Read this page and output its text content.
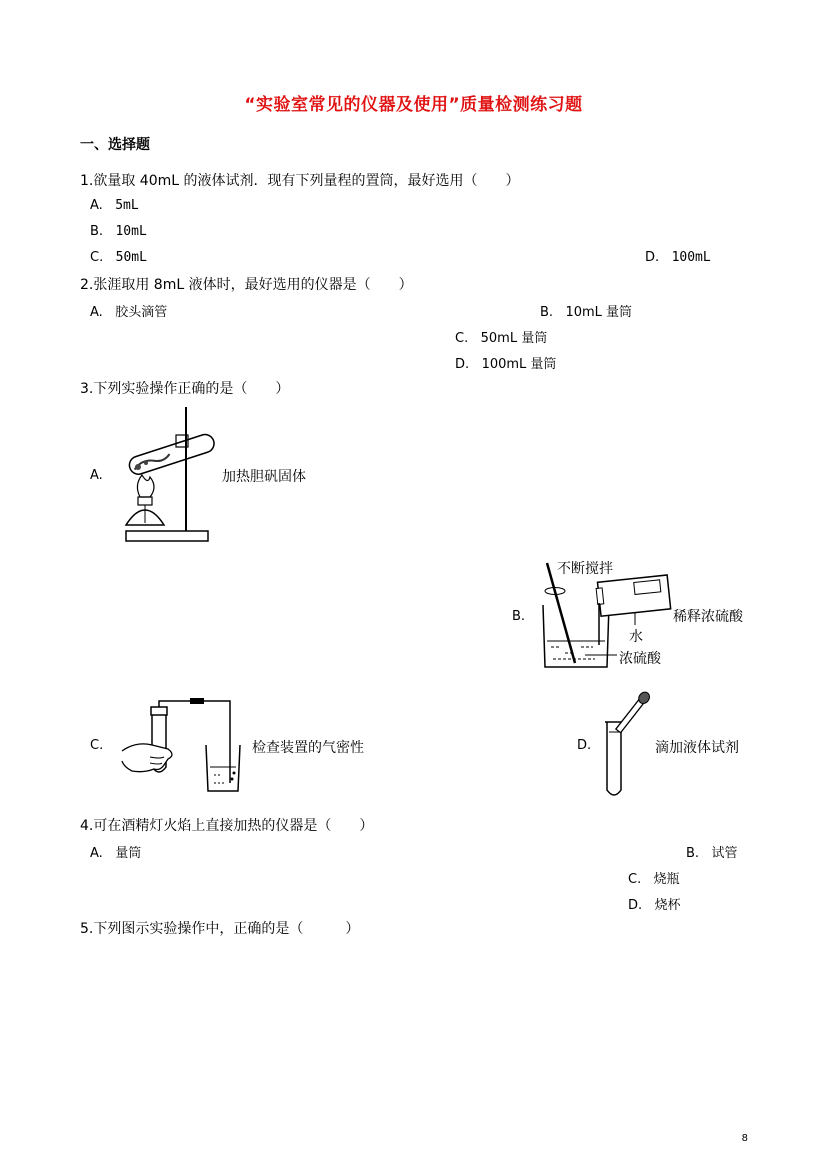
“实验室常见的仪器及使用”质量检测练习题
一、选择题
1.欲量取 40mL 的液体试剂．现有下列量程的置筒，最好选用（　　）
A. 5mL
B. 10mL
C. 50mL	D. 100mL
2.张涯取用 8mL 液体时，最好选用的仪器是（　　）
A. 胶头滴管	B. 10mL 量筒
C. 50mL 量筒
D. 100mL 量筒
3.下列实验操作正确的是（　　）
A.	加热胆矾固体
B.
不断搅拌
稀释浓硫酸
水
浓硫酸
C.	检查装置的气密性	D.	滴加液体试剂
4.可在酒精灯火焰上直接加热的仪器是（　　）
A. 量筒	B. 试管
C. 烧瓶
D. 烧杯
5.下列图示实验操作中，正确的是（　　　）
8
